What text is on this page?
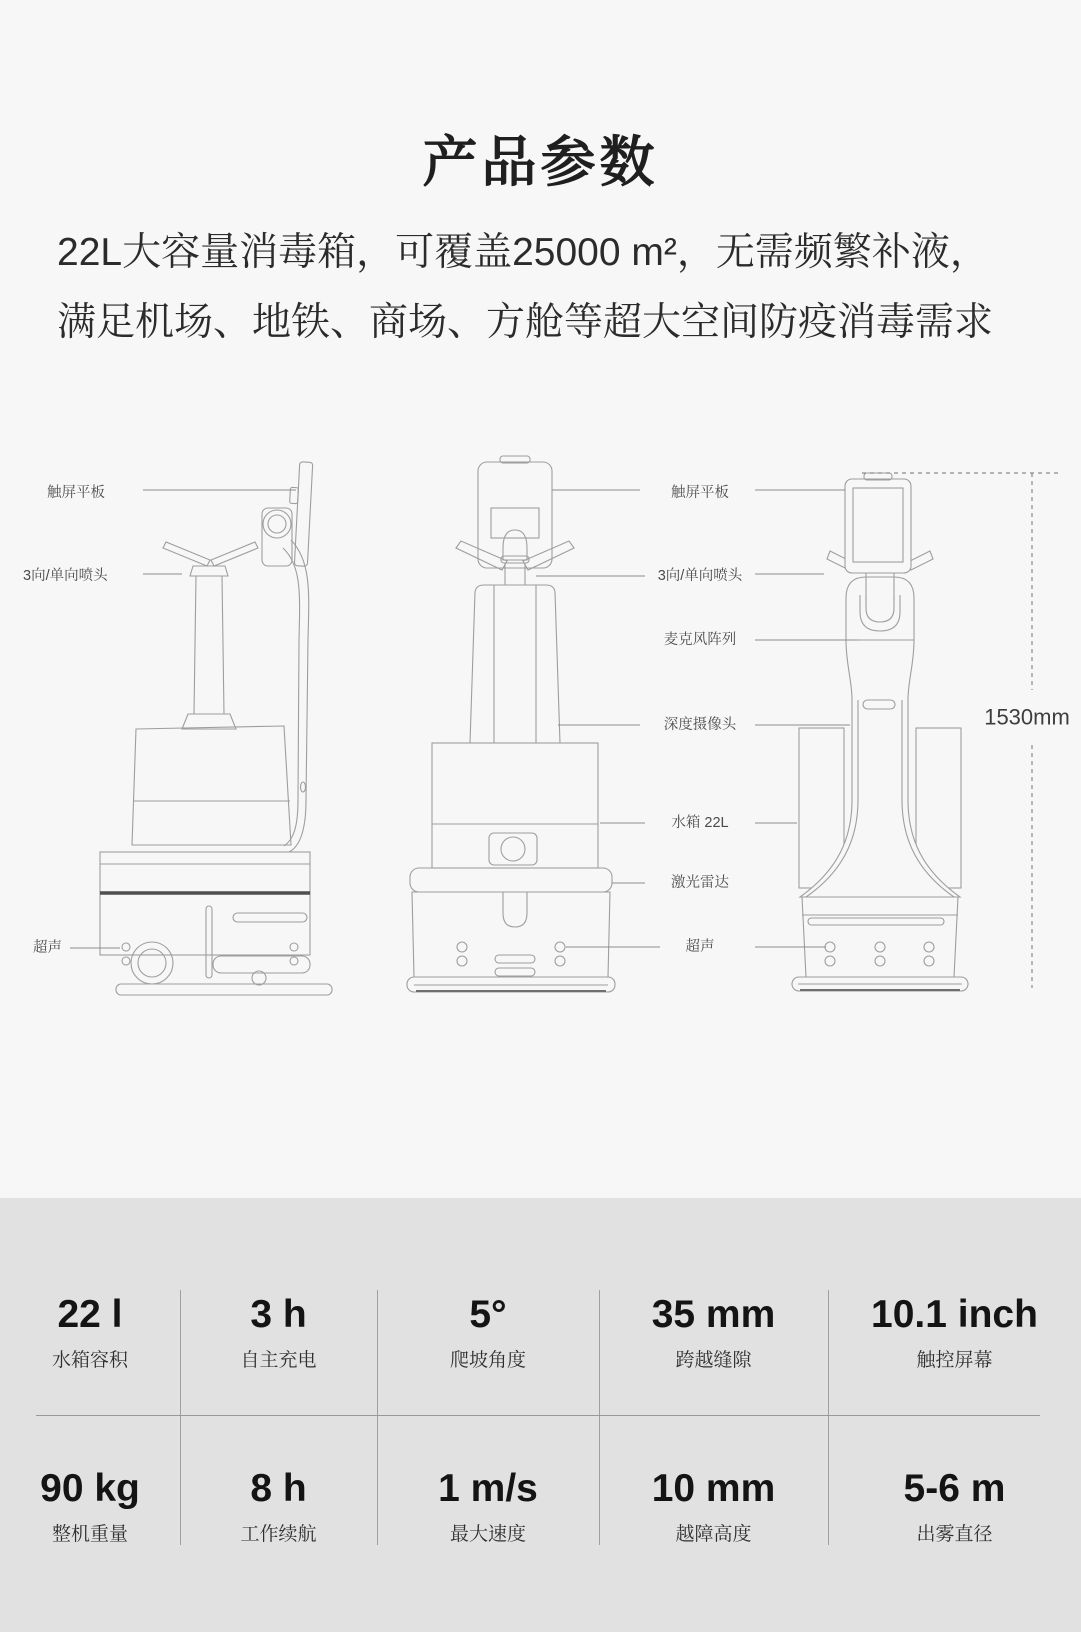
产品参数
22L大容量消毒箱，可覆盖25000 m²，无需频繁补液，
满足机场、地铁、商场、方舱等超大空间防疫消毒需求
触屏平板
3向/单向喷头
超声
触屏平板
3向/单向喷头
麦克风阵列
深度摄像头
水箱 22L
激光雷达
超声
1530mm
22 l
水箱容积
3 h
自主充电
5°
爬坡角度
35 mm
跨越缝隙
10.1 inch
触控屏幕
90 kg
整机重量
8 h
工作续航
1 m/s
最大速度
10 mm
越障高度
5-6 m
出雾直径
